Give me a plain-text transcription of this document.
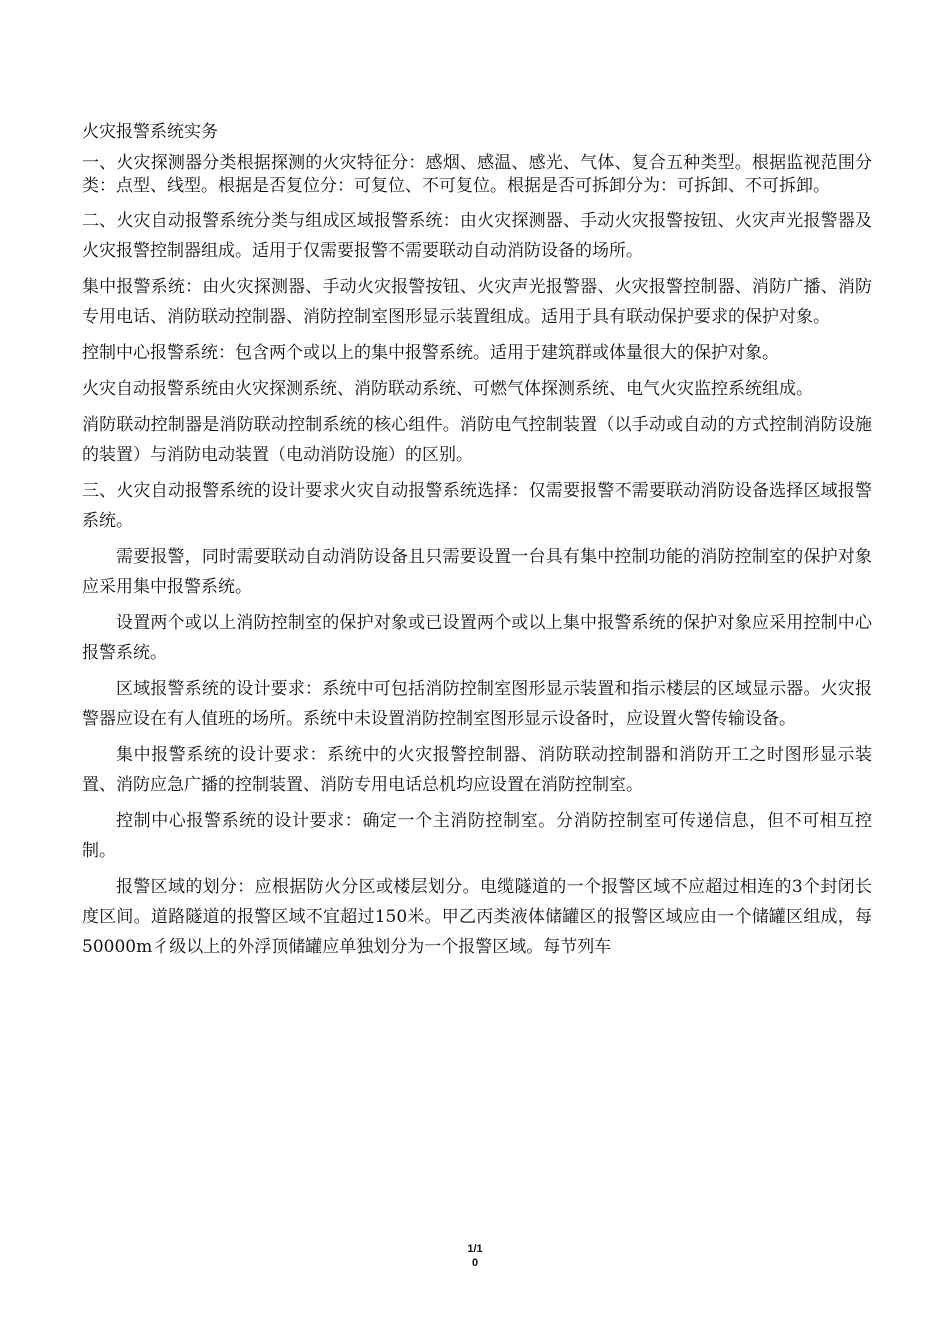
火灾报警系统实务

一、火灾探测器分类根据探测的火灾特征分：感烟、感温、感光、气体、复合五种类型。根据监视范围分类：点型、线型。根据是否复位分：可复位、不可复位。根据是否可拆卸分为：可拆卸、不可拆卸。

二、火灾自动报警系统分类与组成区域报警系统：由火灾探测器、手动火灾报警按钮、火灾声光报警器及火灾报警控制器组成。适用于仅需要报警不需要联动自动消防设备的场所。

集中报警系统：由火灾探测器、手动火灾报警按钮、火灾声光报警器、火灾报警控制器、消防广播、消防专用电话、消防联动控制器、消防控制室图形显示装置组成。适用于具有联动保护要求的保护对象。

控制中心报警系统：包含两个或以上的集中报警系统。适用于建筑群或体量很大的保护对象。

火灾自动报警系统由火灾探测系统、消防联动系统、可燃气体探测系统、电气火灾监控系统组成。

消防联动控制器是消防联动控制系统的核心组件。消防电气控制装置（以手动或自动的方式控制消防设施的装置）与消防电动装置（电动消防设施）的区别。

三、火灾自动报警系统的设计要求火灾自动报警系统选择：仅需要报警不需要联动消防设备选择区域报警系统。

需要报警，同时需要联动自动消防设备且只需要设置一台具有集中控制功能的消防控制室的保护对象应采用集中报警系统。

设置两个或以上消防控制室的保护对象或已设置两个或以上集中报警系统的保护对象应采用控制中心报警系统。

区域报警系统的设计要求：系统中可包括消防控制室图形显示装置和指示楼层的区域显示器。火灾报警器应设在有人值班的场所。系统中未设置消防控制室图形显示设备时，应设置火警传输设备。

集中报警系统的设计要求：系统中的火灾报警控制器、消防联动控制器和消防开工之时图形显示装置、消防应急广播的控制装置、消防专用电话总机均应设置在消防控制室。

控制中心报警系统的设计要求：确定一个主消防控制室。分消防控制室可传递信息，但不可相互控制。

报警区域的划分：应根据防火分区或楼层划分。电缆隧道的一个报警区域不应超过相连的3个封闭长度区间。道路隧道的报警区域不宜超过150米。甲乙丙类液体储罐区的报警区域应由一个储罐区组成，每50000m彳级以上的外浮顶储罐应单独划分为一个报警区域。每节列车

1/1
0
